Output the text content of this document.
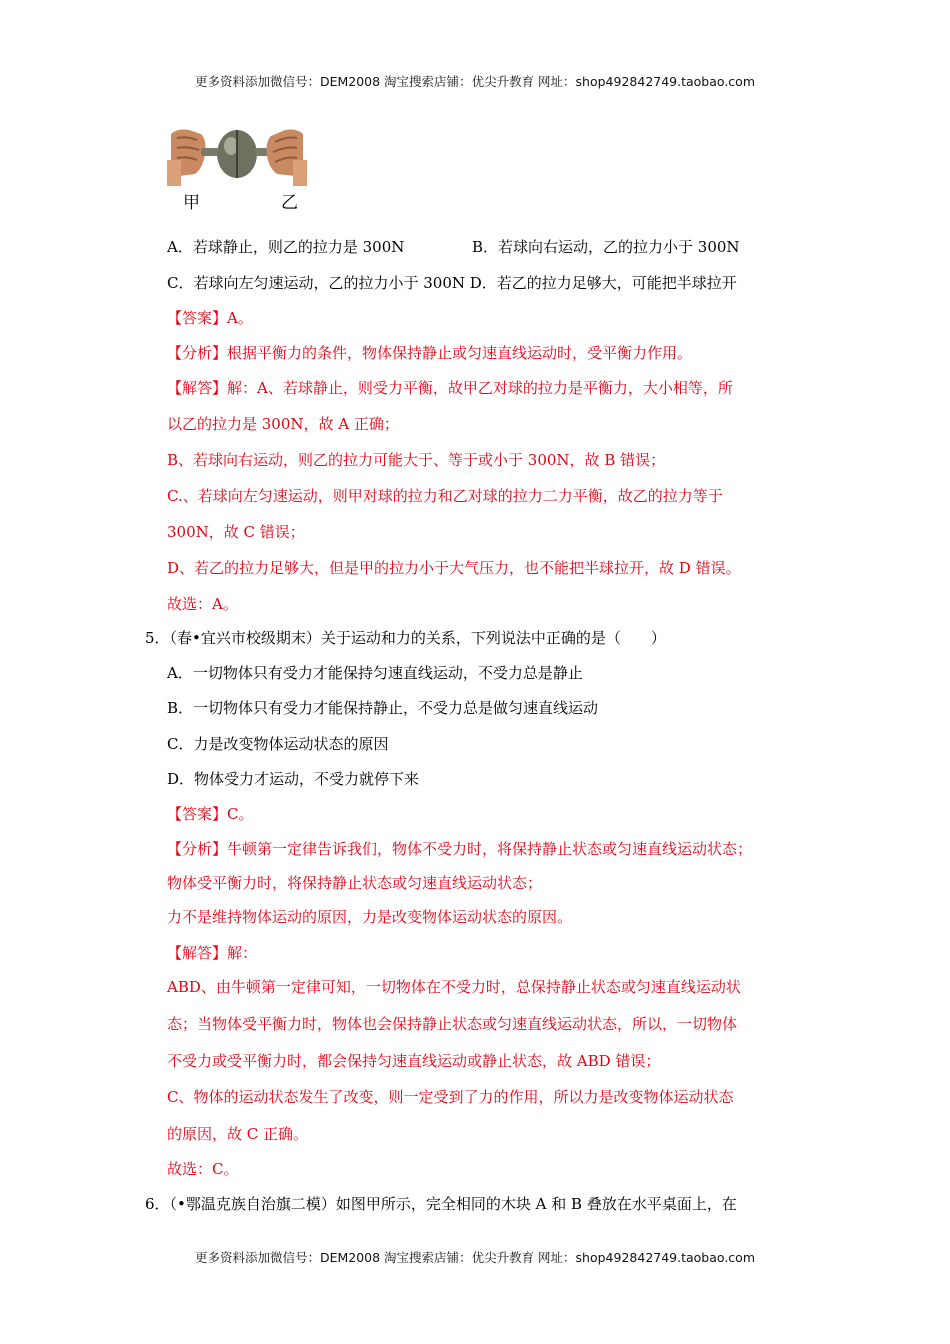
更多资料添加微信号：DEM2008 淘宝搜索店铺：优尖升教育 网址：shop492842749.taobao.com
甲	乙
A．若球静止，则乙的拉力是 300N	B．若球向右运动，乙的拉力小于 300N
C．若球向左匀速运动，乙的拉力小于 300N D．若乙的拉力足够大，可能把半球拉开
【答案】A。
【分析】根据平衡力的条件，物体保持静止或匀速直线运动时，受平衡力作用。
【解答】解：A、若球静止，则受力平衡，故甲乙对球的拉力是平衡力，大小相等，所
以乙的拉力是 300N，故 A 正确；
B、若球向右运动，则乙的拉力可能大于、等于或小于 300N，故 B 错误；
C.、若球向左匀速运动，则甲对球的拉力和乙对球的拉力二力平衡，故乙的拉力等于
300N，故 C 错误；
D、若乙的拉力足够大，但是甲的拉力小于大气压力，也不能把半球拉开，故 D 错误。
故选：A。
5．（春•宜兴市校级期末）关于运动和力的关系，下列说法中正确的是（　　）
A．一切物体只有受力才能保持匀速直线运动，不受力总是静止
B．一切物体只有受力才能保持静止，不受力总是做匀速直线运动
C．力是改变物体运动状态的原因
D．物体受力才运动，不受力就停下来
【答案】C。
【分析】牛顿第一定律告诉我们，物体不受力时，将保持静止状态或匀速直线运动状态；
物体受平衡力时，将保持静止状态或匀速直线运动状态；
力不是维持物体运动的原因，力是改变物体运动状态的原因。
【解答】解：
ABD、由牛顿第一定律可知，一切物体在不受力时，总保持静止状态或匀速直线运动状
态；当物体受平衡力时，物体也会保持静止状态或匀速直线运动状态，所以，一切物体
不受力或受平衡力时，都会保持匀速直线运动或静止状态，故 ABD 错误；
C、物体的运动状态发生了改变，则一定受到了力的作用，所以力是改变物体运动状态
的原因，故 C 正确。
故选：C。
6．（•鄂温克族自治旗二模）如图甲所示，完全相同的木块 A 和 B 叠放在水平桌面上，在
更多资料添加微信号：DEM2008 淘宝搜索店铺：优尖升教育 网址：shop492842749.taobao.com
